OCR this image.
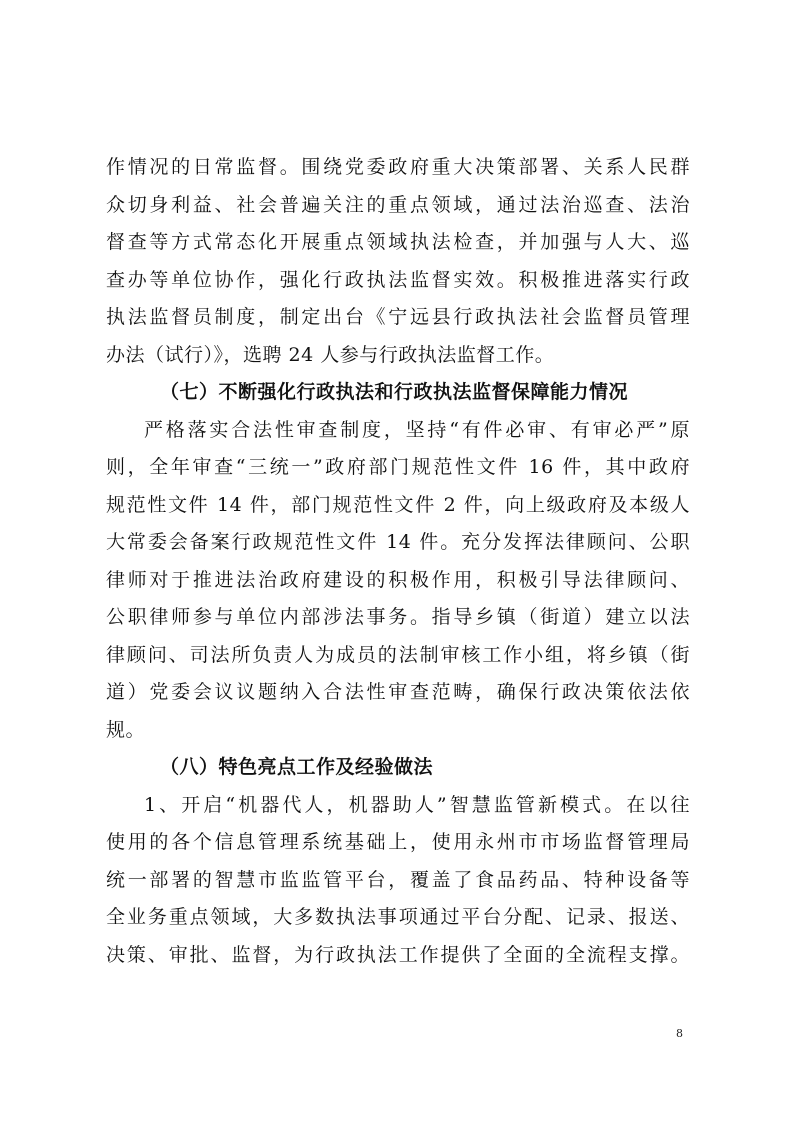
作情况的日常监督。围绕党委政府重大决策部署、关系人民群
众切身利益、社会普遍关注的重点领域，通过法治巡查、法治
督查等方式常态化开展重点领域执法检查，并加强与人大、巡
查办等单位协作，强化行政执法监督实效。积极推进落实行政
执法监督员制度，制定出台《宁远县行政执法社会监督员管理
办法（试行）》，选聘 24 人参与行政执法监督工作。
（七）不断强化行政执法和行政执法监督保障能力情况
严格落实合法性审查制度，坚持“有件必审、有审必严”原
则，全年审查“三统一”政府部门规范性文件 16 件，其中政府
规范性文件 14 件，部门规范性文件 2 件，向上级政府及本级人
大常委会备案行政规范性文件 14 件。充分发挥法律顾问、公职
律师对于推进法治政府建设的积极作用，积极引导法律顾问、
公职律师参与单位内部涉法事务。指导乡镇（街道）建立以法
律顾问、司法所负责人为成员的法制审核工作小组，将乡镇（街
道）党委会议议题纳入合法性审查范畴，确保行政决策依法依
规。
（八）特色亮点工作及经验做法
1、开启“机器代人，机器助人”智慧监管新模式。在以往
使用的各个信息管理系统基础上，使用永州市市场监督管理局
统一部署的智慧市监监管平台，覆盖了食品药品、特种设备等
全业务重点领域，大多数执法事项通过平台分配、记录、报送、
决策、审批、监督，为行政执法工作提供了全面的全流程支撑。
8
